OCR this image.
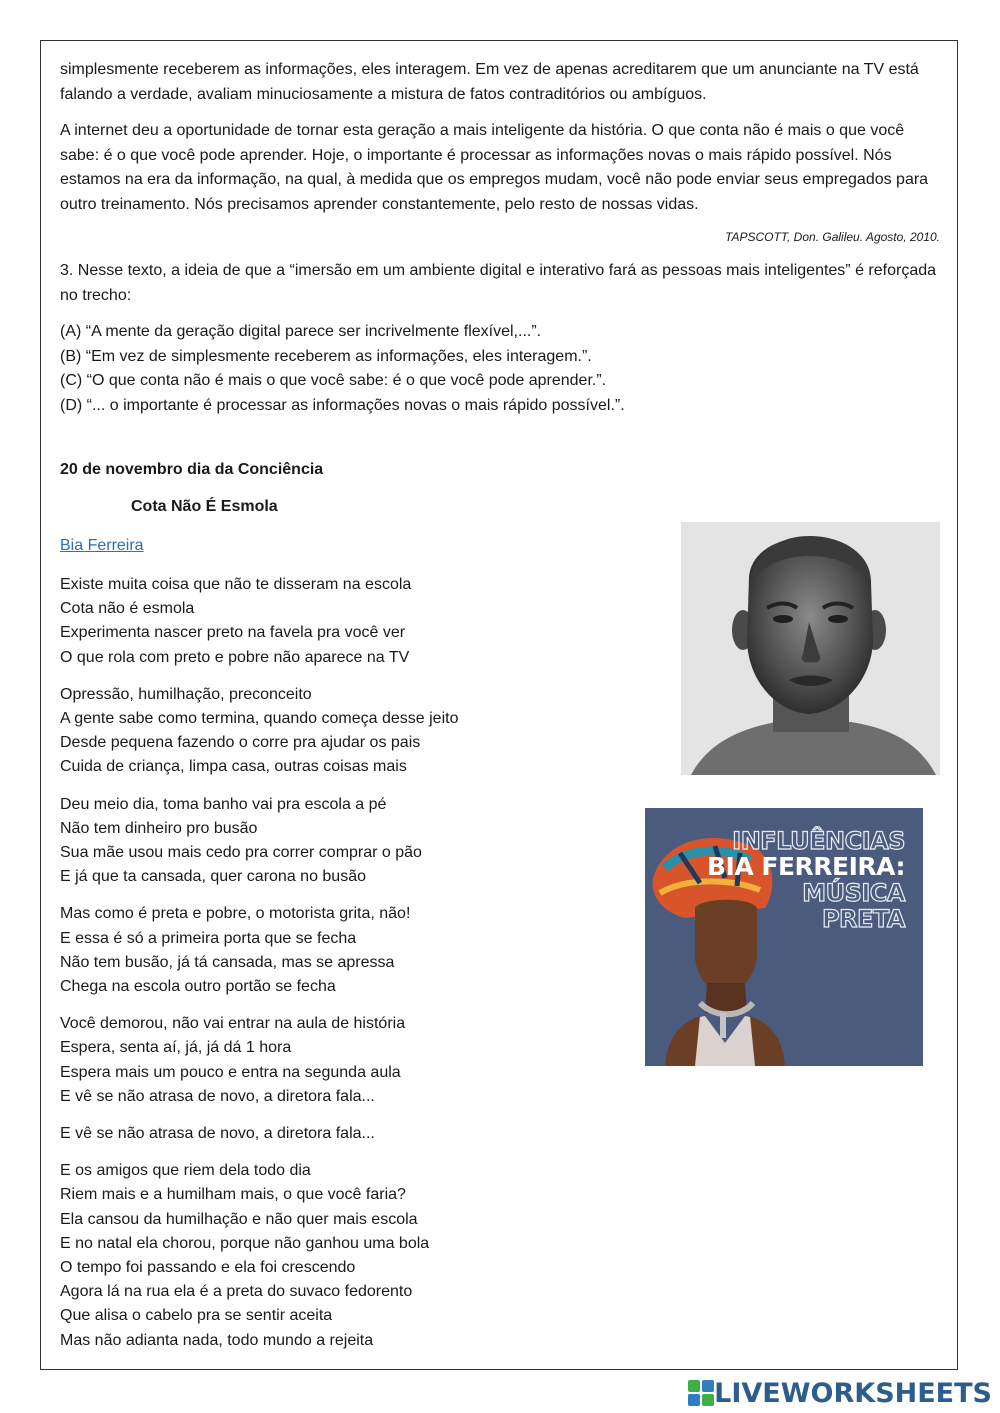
simplesmente receberem as informações, eles interagem. Em vez de apenas acreditarem que um anunciante na TV está falando a verdade, avaliam minuciosamente a mistura de fatos contraditórios ou ambíguos.

A internet deu a oportunidade de tornar esta geração a mais inteligente da história. O que conta não é mais o que você sabe: é o que você pode aprender. Hoje, o importante é processar as informações novas o mais rápido possível. Nós estamos na era da informação, na qual, à medida que os empregos mudam, você não pode enviar seus empregados para outro treinamento. Nós precisamos aprender constantemente, pelo resto de nossas vidas.

TAPSCOTT, Don. Galileu. Agosto, 2010.

3. Nesse texto, a ideia de que a “imersão em um ambiente digital e interativo fará as pessoas mais inteligentes” é reforçada no trecho:

(A) “A mente da geração digital parece ser incrivelmente flexível,...”.
(B) “Em vez de simplesmente receberem as informações, eles interagem.”.
(C) “O que conta não é mais o que você sabe: é o que você pode aprender.”.
(D) “... o importante é processar as informações novas o mais rápido possível.”.
20 de novembro dia da Conciência
Cota Não É Esmola
Bia Ferreira
Existe muita coisa que não te disseram na escola
Cota não é esmola
Experimenta nascer preto na favela pra você ver
O que rola com preto e pobre não aparece na TV
Opressão, humilhação, preconceito
A gente sabe como termina, quando começa desse jeito
Desde pequena fazendo o corre pra ajudar os pais
Cuida de criança, limpa casa, outras coisas mais
Deu meio dia, toma banho vai pra escola a pé
Não tem dinheiro pro busão
Sua mãe usou mais cedo pra correr comprar o pão
E já que ta cansada, quer carona no busão
Mas como é preta e pobre, o motorista grita, não!
E essa é só a primeira porta que se fecha
Não tem busão, já tá cansada, mas se apressa
Chega na escola outro portão se fecha
Você demorou, não vai entrar na aula de história
Espera, senta aí, já, já dá 1 hora
Espera mais um pouco e entra na segunda aula
E vê se não atrasa de novo, a diretora fala...
E vê se não atrasa de novo, a diretora fala...
E os amigos que riem dela todo dia
Riem mais e a humilham mais, o que você faria?
Ela cansou da humilhação e não quer mais escola
E no natal ela chorou, porque não ganhou uma bola
O tempo foi passando e ela foi crescendo
Agora lá na rua ela é a preta do suvaco fedorento
Que alisa o cabelo pra se sentir aceita
Mas não adianta nada, todo mundo a rejeita
INFLUÊNCIAS
BIA FERREIRA:
MÚSICA
PRETA
LIVEWORKSHEETS
